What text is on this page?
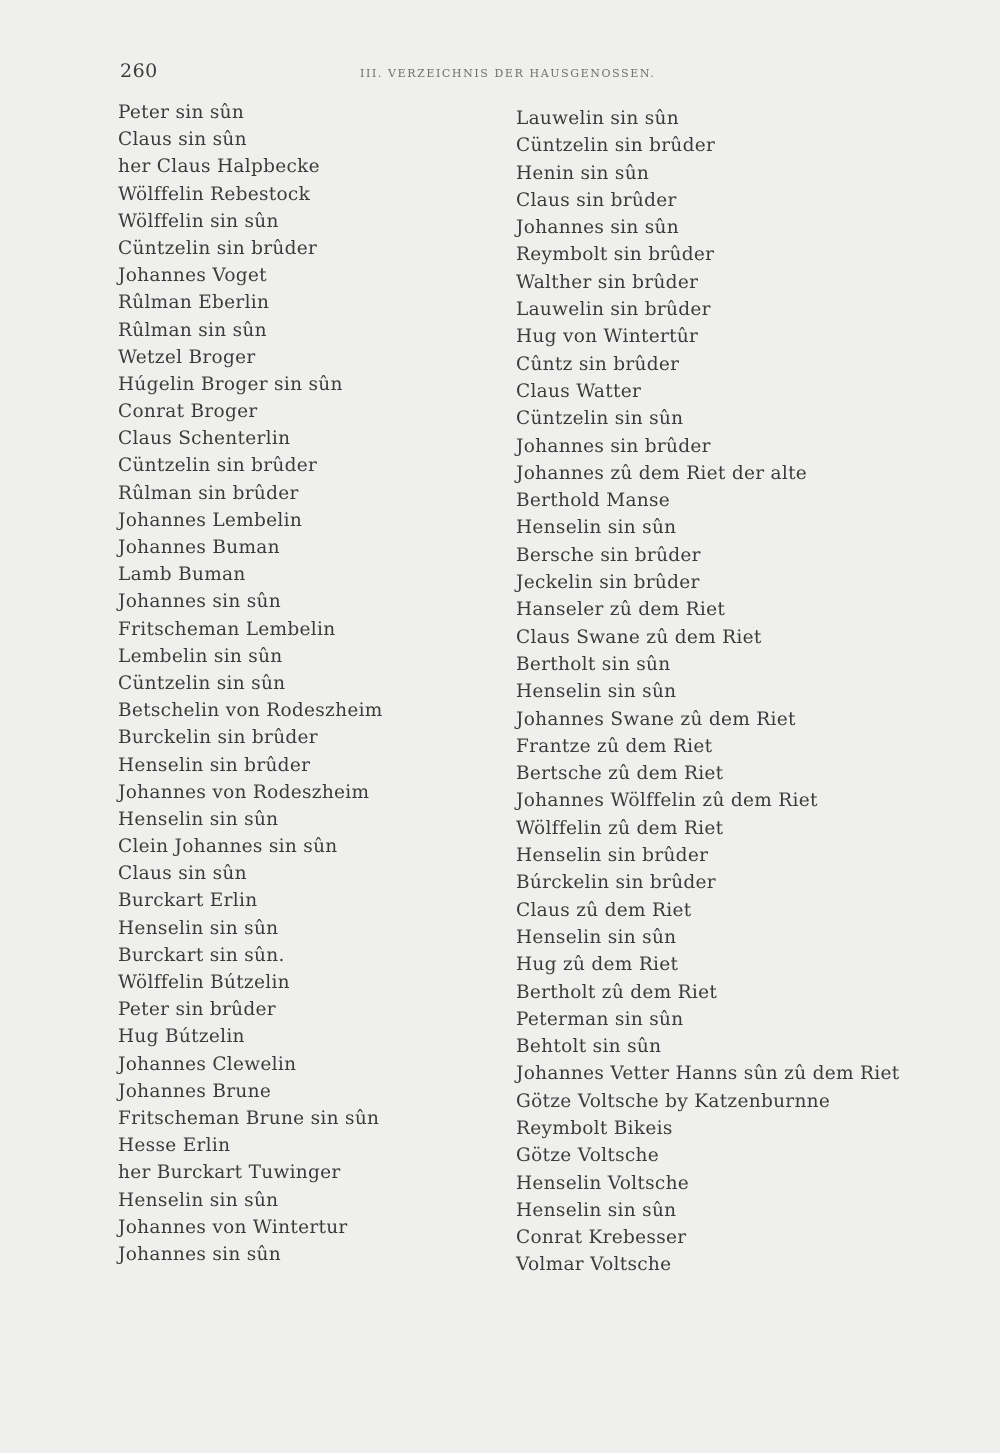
260	III. VERZEICHNIS DER HAUSGENOSSEN.
Peter sin sûn
Claus sin sûn
her Claus Halpbecke
Wölffelin Rebestock
Wölffelin sin sûn
Cüntzelin sin brûder
Johannes Voget
Rûlman Eberlin
Rûlman sin sûn
Wetzel Broger
Húgelin Broger sin sûn
Conrat Broger
Claus Schenterlin
Cüntzelin sin brûder
Rûlman sin brûder
Johannes Lembelin
Johannes Buman
Lamb Buman
Johannes sin sûn
Fritscheman Lembelin
Lembelin sin sûn
Cüntzelin sin sûn
Betschelin von Rodeszheim
Burckelin sin brûder
Henselin sin brûder
Johannes von Rodeszheim
Henselin sin sûn
Clein Johannes sin sûn
Claus sin sûn
Burckart Erlin
Henselin sin sûn
Burckart sin sûn.
Wölffelin Bútzelin
Peter sin brûder
Hug Bútzelin
Johannes Clewelin
Johannes Brune
Fritscheman Brune sin sûn
Hesse Erlin
her Burckart Tuwinger
Henselin sin sûn
Johannes von Wintertur
Johannes sin sûn
Lauwelin sin sûn
Cüntzelin sin brûder
Henin sin sûn
Claus sin brûder
Johannes sin sûn
Reymbolt sin brûder
Walther sin brûder
Lauwelin sin brûder
Hug von Wintertûr
Cûntz sin brûder
Claus Watter
Cüntzelin sin sûn
Johannes sin brûder
Johannes zû dem Riet der alte
Berthold Manse
Henselin sin sûn
Bersche sin brûder
Jeckelin sin brûder
Hanseler zû dem Riet
Claus Swane zû dem Riet
Bertholt sin sûn
Henselin sin sûn
Johannes Swane zû dem Riet
Frantze zû dem Riet
Bertsche zû dem Riet
Johannes Wölffelin zû dem Riet
Wölffelin zû dem Riet
Henselin sin brûder
Búrckelin sin brûder
Claus zû dem Riet
Henselin sin sûn
Hug zû dem Riet
Bertholt zû dem Riet
Peterman sin sûn
Behtolt sin sûn
Johannes Vetter Hanns sûn zû dem Riet
Götze Voltsche by Katzenburnne
Reymbolt Bikeis
Götze Voltsche
Henselin Voltsche
Henselin sin sûn
Conrat Krebesser
Volmar Voltsche
